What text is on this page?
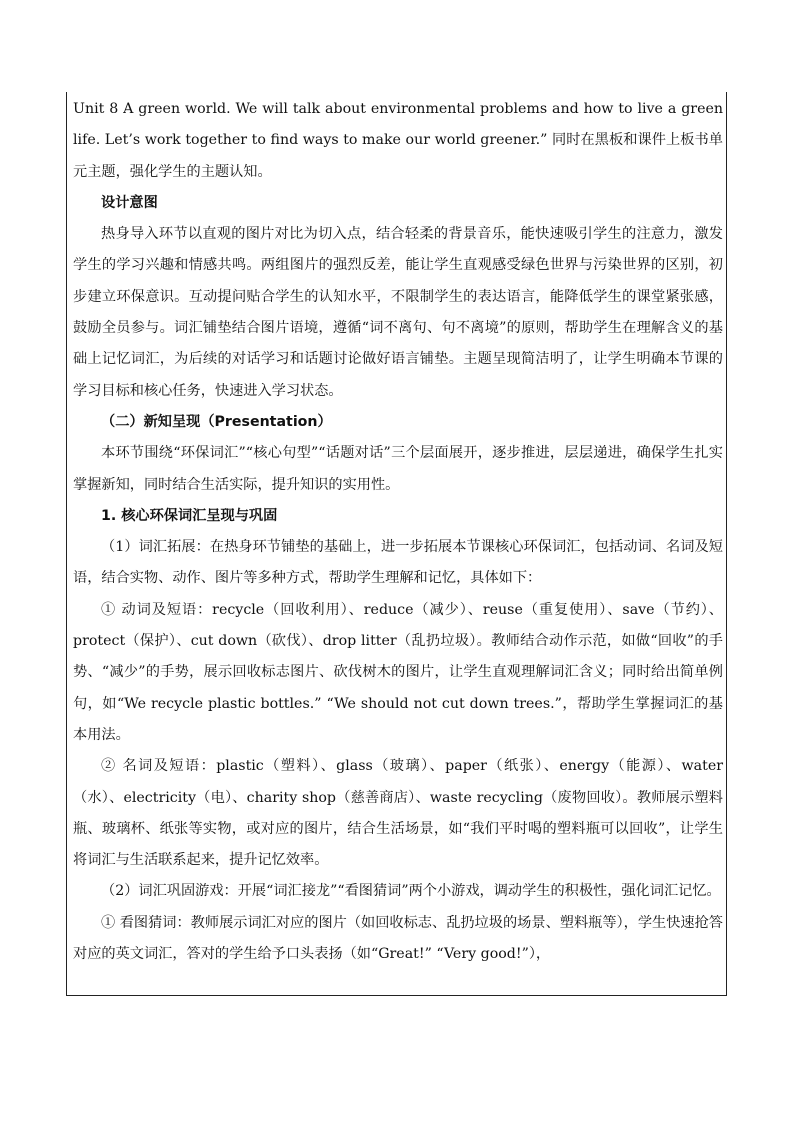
Unit 8 A green world. We will talk about environmental problems and how to live a green life. Let’s work together to find ways to make our world greener.” 同时在黑板和课件上板书单元主题，强化学生的主题认知。

设计意图

热身导入环节以直观的图片对比为切入点，结合轻柔的背景音乐，能快速吸引学生的注意力，激发学生的学习兴趣和情感共鸣。两组图片的强烈反差，能让学生直观感受绿色世界与污染世界的区别，初步建立环保意识。互动提问贴合学生的认知水平，不限制学生的表达语言，能降低学生的课堂紧张感，鼓励全员参与。词汇铺垫结合图片语境，遵循“词不离句、句不离境”的原则，帮助学生在理解含义的基础上记忆词汇，为后续的对话学习和话题讨论做好语言铺垫。主题呈现简洁明了，让学生明确本节课的学习目标和核心任务，快速进入学习状态。

（二）新知呈现（Presentation）

本环节围绕“环保词汇”“核心句型”“话题对话”三个层面展开，逐步推进，层层递进，确保学生扎实掌握新知，同时结合生活实际，提升知识的实用性。

1. 核心环保词汇呈现与巩固

（1）词汇拓展：在热身环节铺垫的基础上，进一步拓展本节课核心环保词汇，包括动词、名词及短语，结合实物、动作、图片等多种方式，帮助学生理解和记忆，具体如下：

① 动词及短语：recycle（回收利用）、reduce（减少）、reuse（重复使用）、save（节约）、protect（保护）、cut down（砍伐）、drop litter（乱扔垃圾）。教师结合动作示范，如做“回收”的手势、“减少”的手势，展示回收标志图片、砍伐树木的图片，让学生直观理解词汇含义；同时给出简单例句，如“We recycle plastic bottles.” “We should not cut down trees.”，帮助学生掌握词汇的基本用法。

② 名词及短语：plastic（塑料）、glass（玻璃）、paper（纸张）、energy（能源）、water（水）、electricity（电）、charity shop（慈善商店）、waste recycling（废物回收）。教师展示塑料瓶、玻璃杯、纸张等实物，或对应的图片，结合生活场景，如“我们平时喝的塑料瓶可以回收”，让学生将词汇与生活联系起来，提升记忆效率。

（2）词汇巩固游戏：开展“词汇接龙”“看图猜词”两个小游戏，调动学生的积极性，强化词汇记忆。

① 看图猜词：教师展示词汇对应的图片（如回收标志、乱扔垃圾的场景、塑料瓶等），学生快速抢答对应的英文词汇，答对的学生给予口头表扬（如“Great!” “Very good!”），
